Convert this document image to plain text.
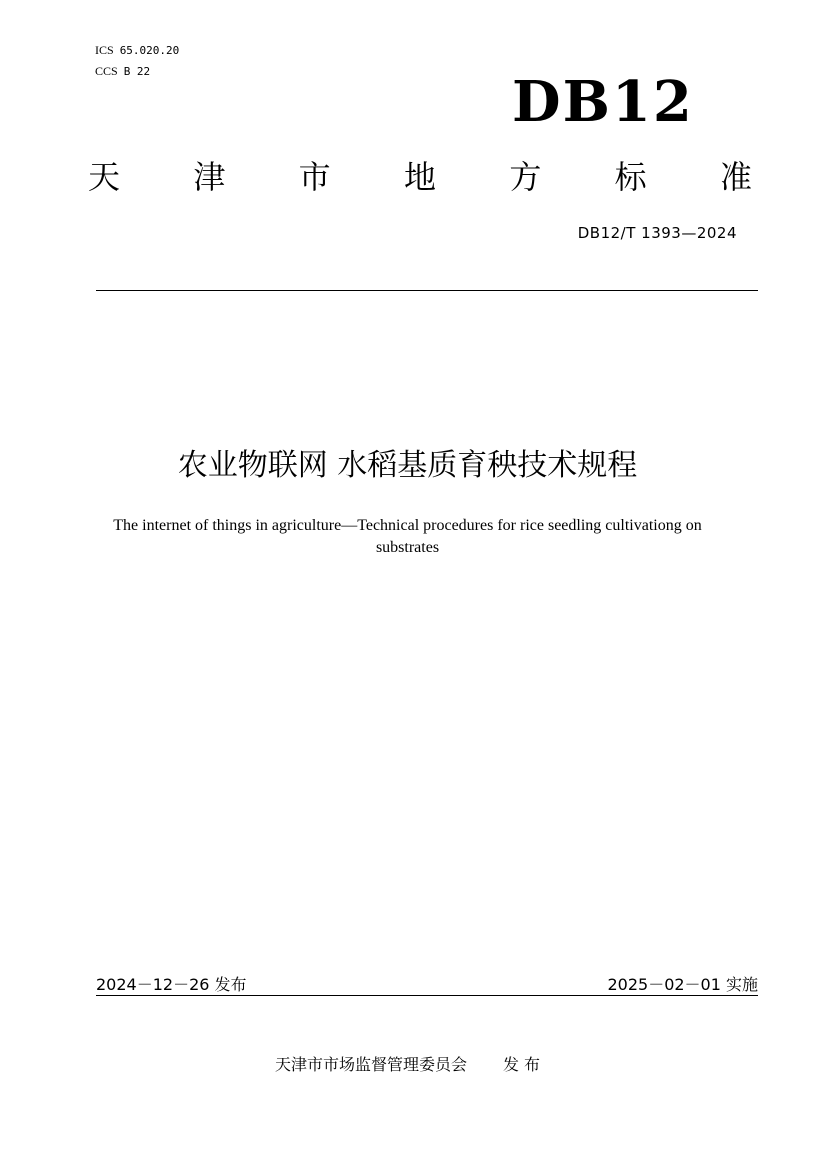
ICS 65.020.20
CCS B 22	DB12
天 津 市 地 方 标 准
DB12/T 1393—2024
农业物联网 水稻基质育秧技术规程
The internet of things in agriculture—Technical procedures for rice seedling cultivationg on substrates
2024－12－26 发布	2025－02－01 实施
天津市市场监督管理委员会 发 布
